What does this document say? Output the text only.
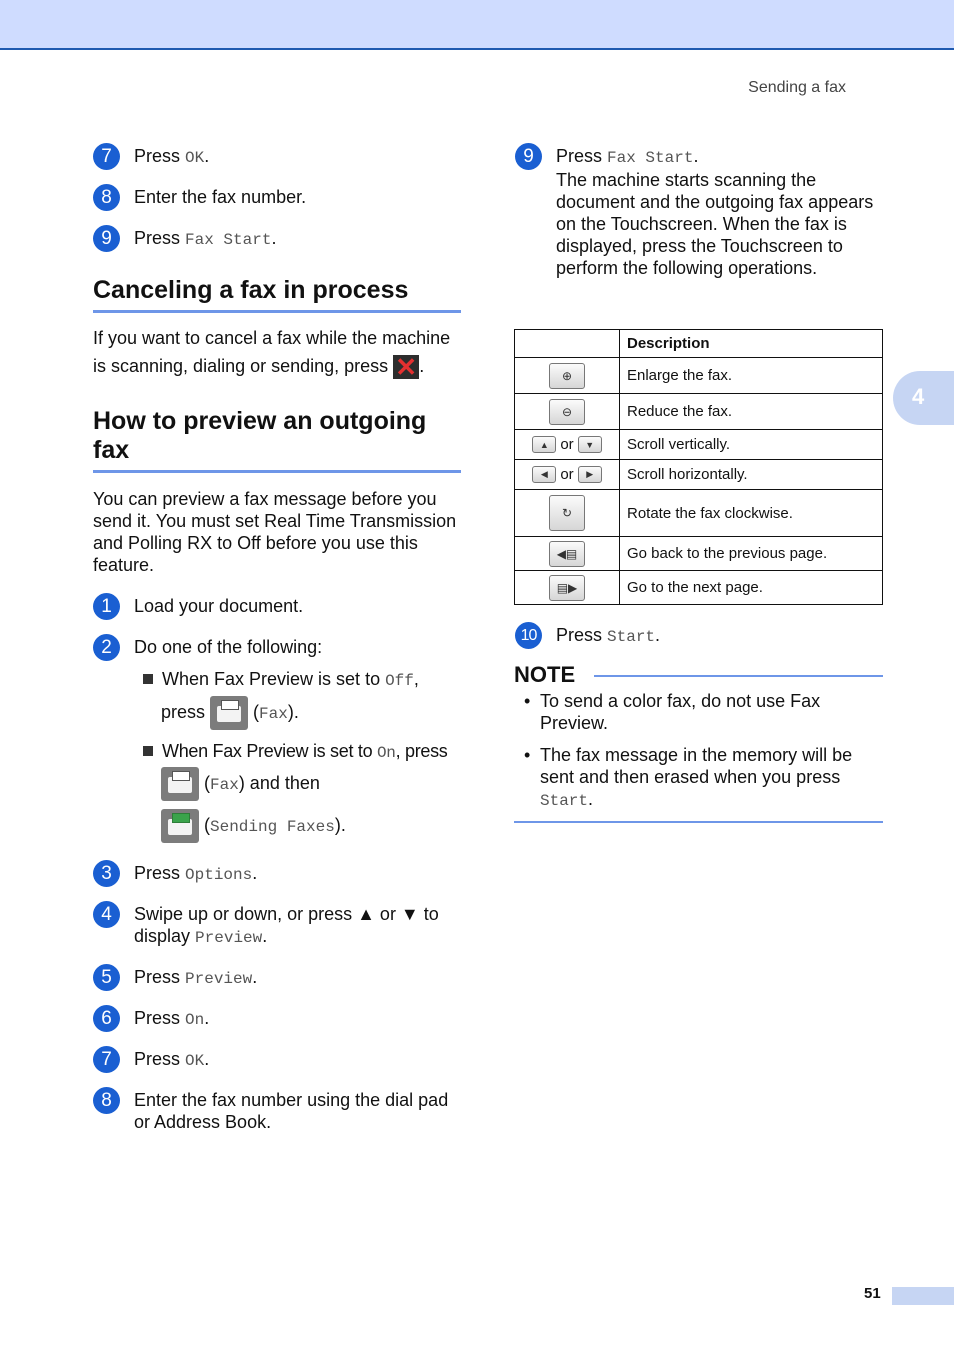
Sending a fax
4
7	Press OK.
8	Enter the fax number.
9	Press Fax Start.
Canceling a fax in process
If you want to cancel a fax while the machine
is scanning, dialing or sending, press ✕ .
How to preview an outgoing
fax
You can preview a fax message before you send it. You must set Real Time Transmission and Polling RX to Off before you use this feature.
1	Load your document.
2	Do one of the following:
When Fax Preview is set to Off,
press  (Fax).
When Fax Preview is set to On, press
(Fax) and then
(Sending Faxes).
3	Press Options.
4	Swipe up or down, or press ▲ or ▼ to display Preview.
5	Press Preview.
6	Press On.
7	Press OK.
8	Enter the fax number using the dial pad or Address Book.
9	Press Fax Start.
The machine starts scanning the document and the outgoing fax appears on the Touchscreen. When the fax is displayed, press the Touchscreen to perform the following operations.
	Description
⊕	Enlarge the fax.
⊖	Reduce the fax.
▲ or ▼	Scroll vertically.
◀ or ▶	Scroll horizontally.
↻	Rotate the fax clockwise.
◀▤	Go back to the previous page.
▤▶	Go to the next page.
10	Press Start.
NOTE
• To send a color fax, do not use Fax Preview.
• The fax message in the memory will be sent and then erased when you press Start.
51
